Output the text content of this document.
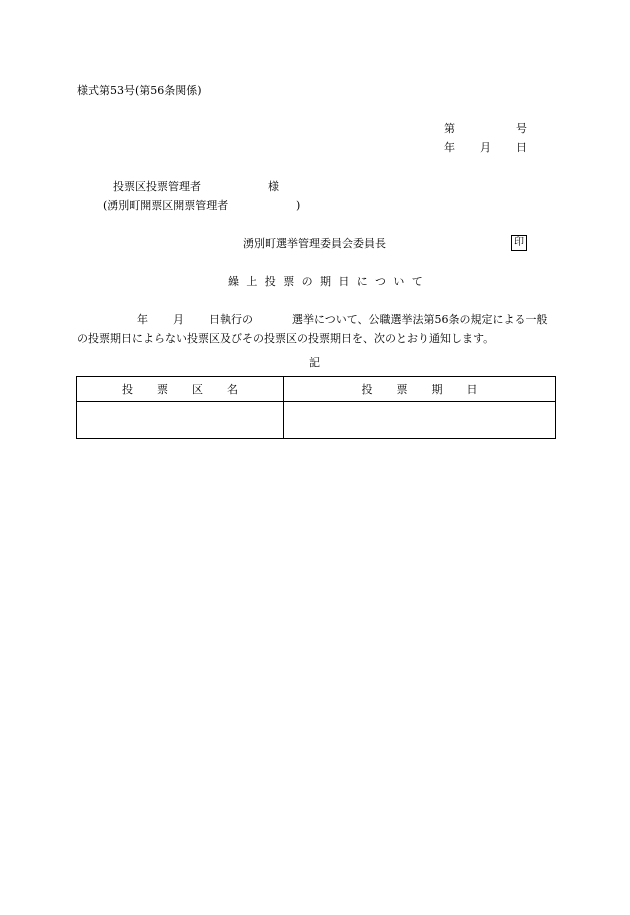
様式第53号(第56条関係)
第	号
年 月 日
投票区投票管理者	様
(湧別町開票区開票管理者	)
湧別町選挙管理委員会委員長	印
繰上投票の期日について
年 月 日執行の	選挙について、公職選挙法第56条の規定による一般
の投票期日によらない投票区及びその投票区の投票期日を、次のとおり通知します。
記
投票区名	投票期日
